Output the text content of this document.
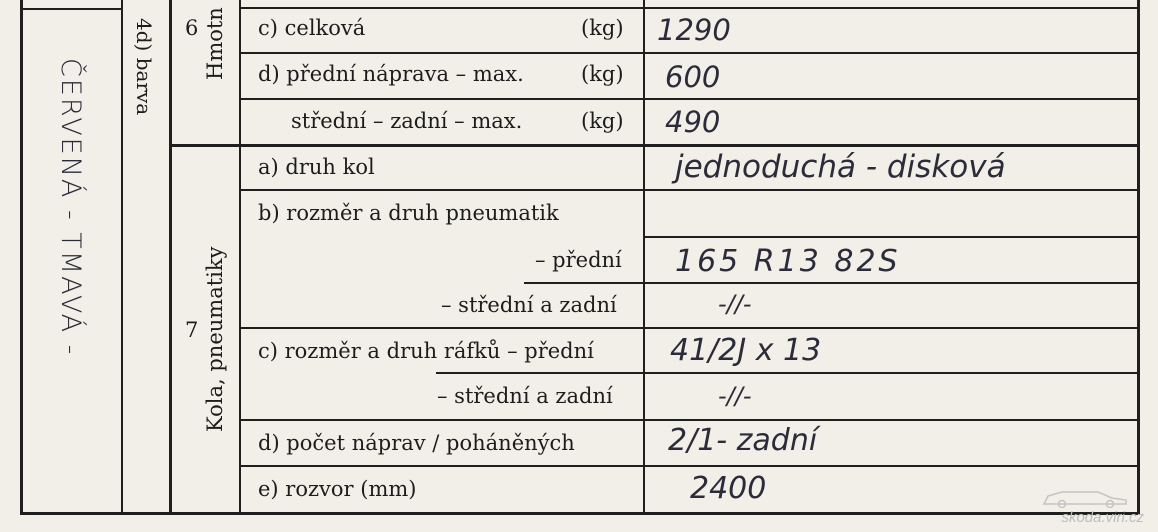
4d) barva
ČERVENÁ - TMAVÁ -
6 Hmotn c) celková	(kg) 1290
d) přední náprava – max.	(kg) 600
střední – zadní – max.	(kg) 490
7 Kola, pneumatiky
a) druh kol	jednoduchá - disková
b) rozměr a druh pneumatik
– přední 165 R13 82S
– střední a zadní	-//-
c) rozměr a druh ráfků – přední	41/2J x 13
– střední a zadní	-//-
d) počet náprav / poháněných	2/1- zadní
e) rozvor (mm)	2400
skoda.viri.cz
